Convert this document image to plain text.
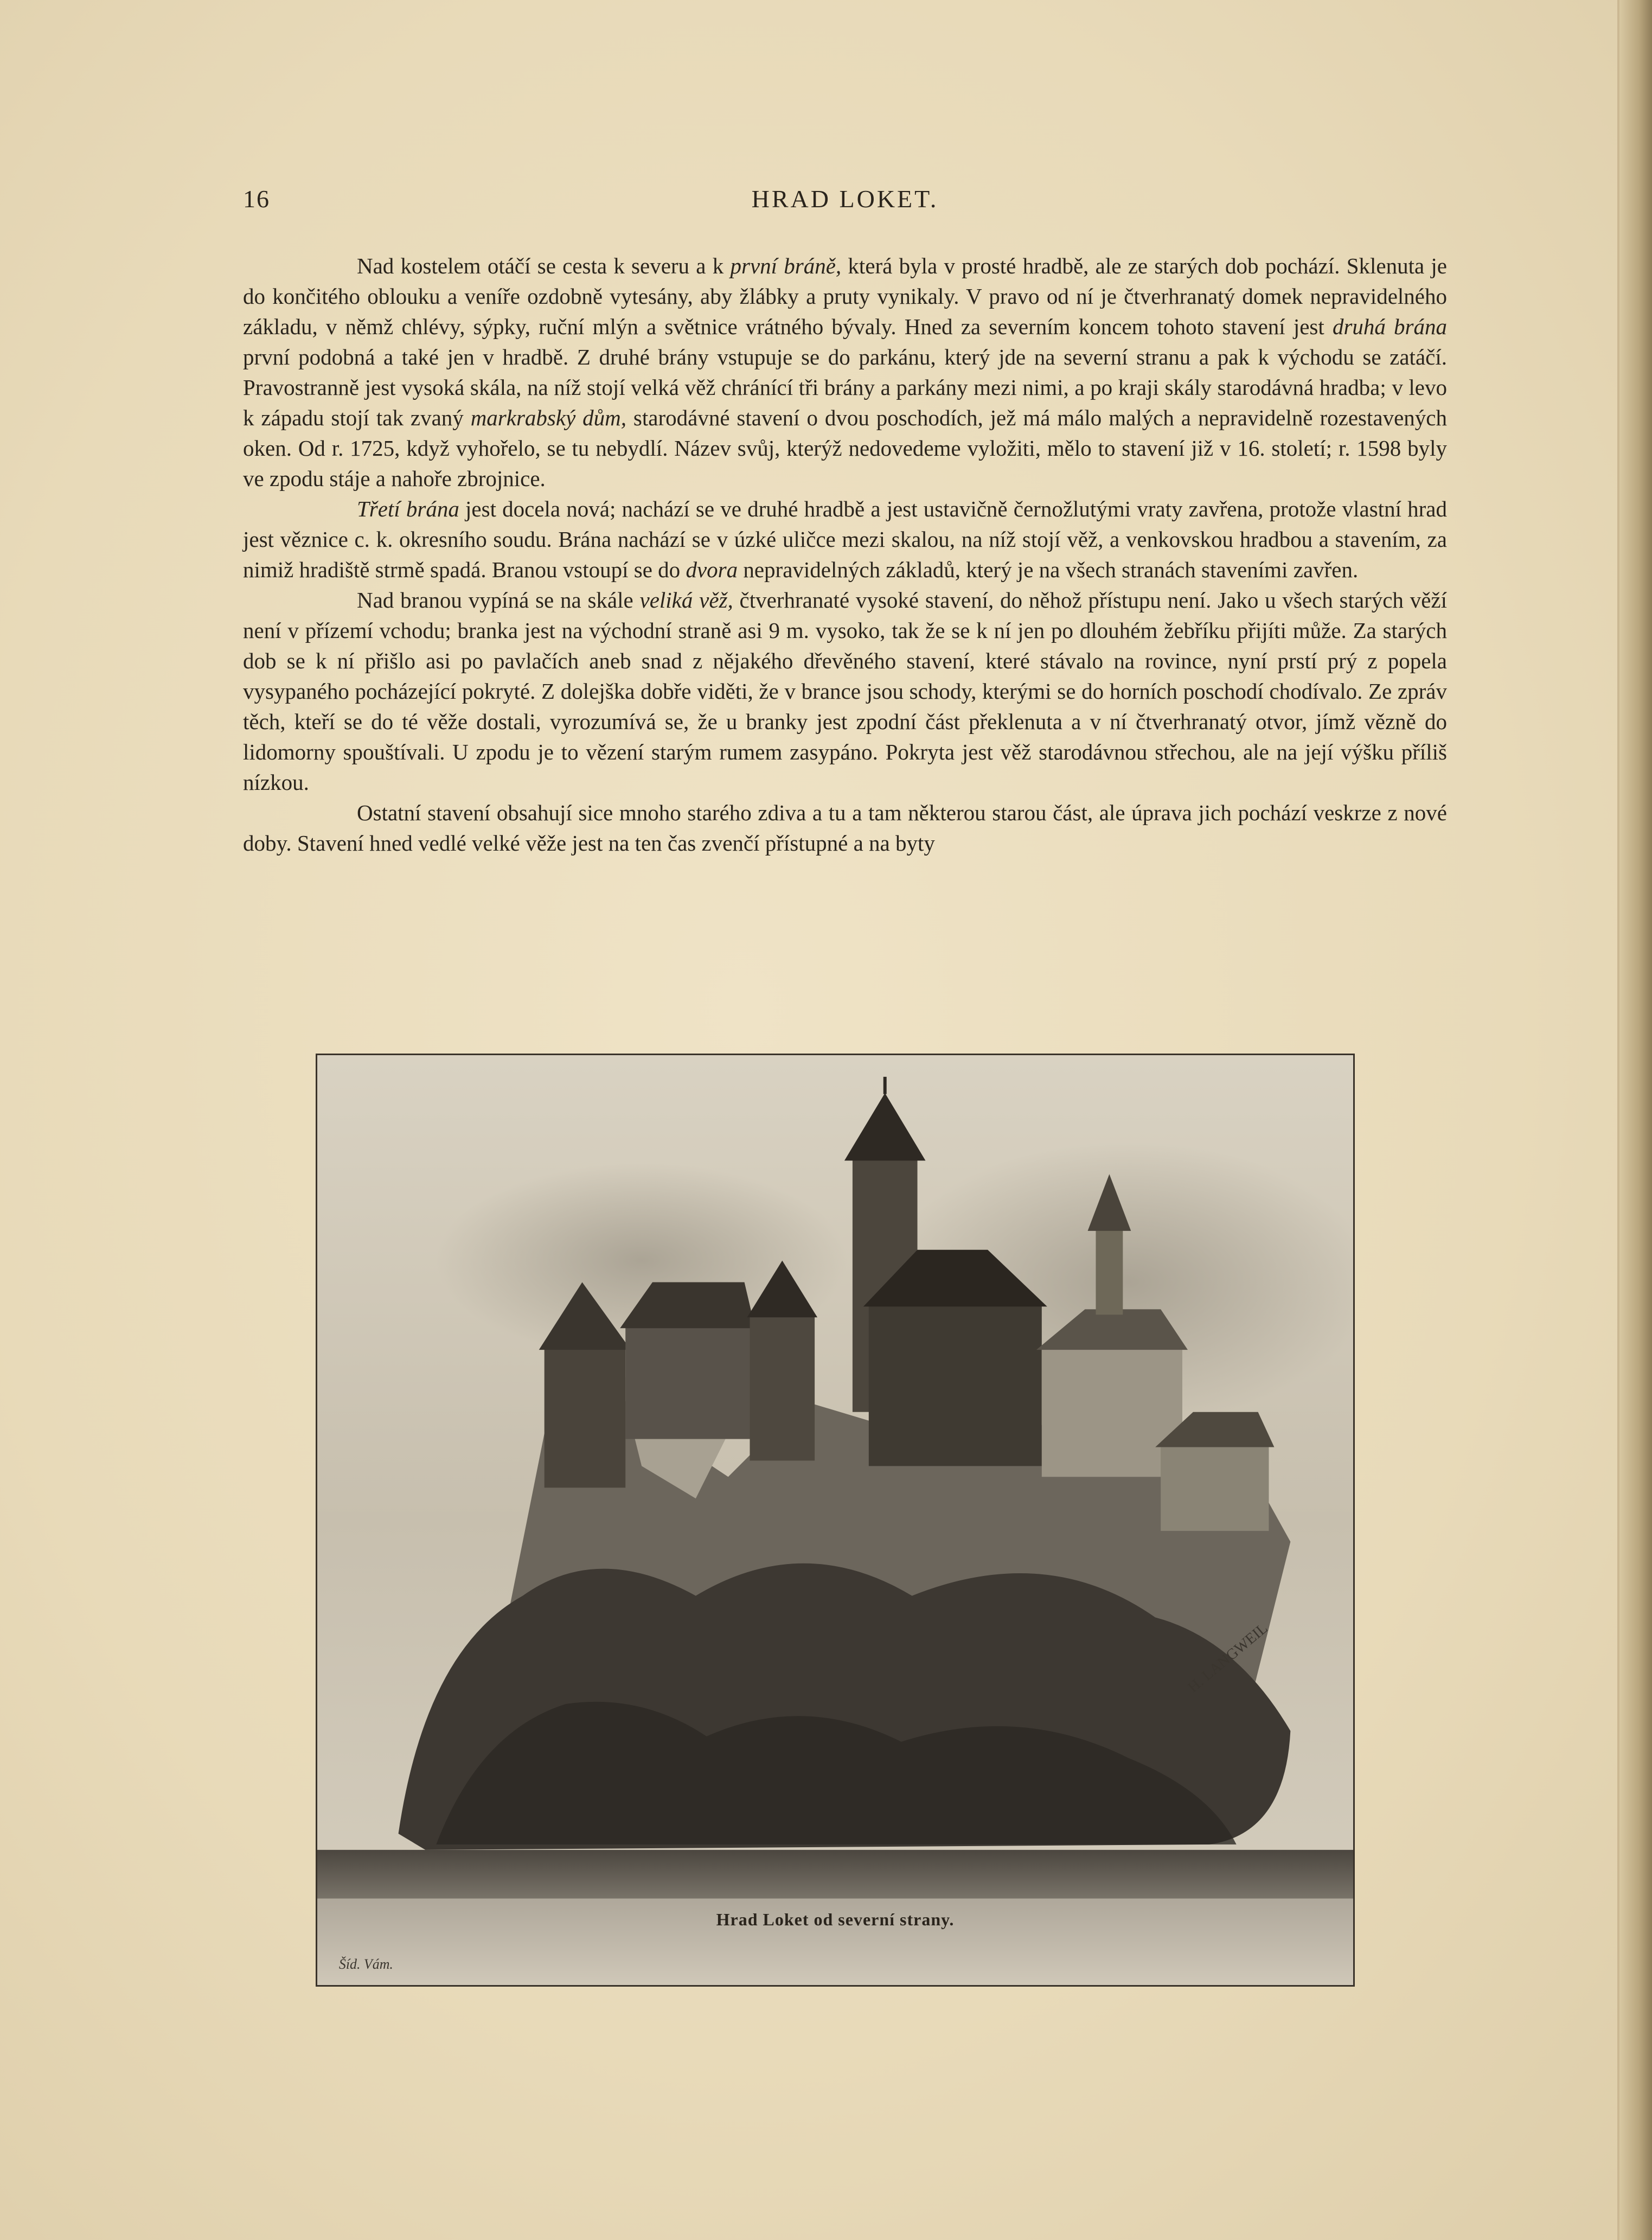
16	HRAD LOKET.

Nad kostelem otáčí se cesta k severu a k první bráně, která byla v prosté hradbě, ale ze starých dob pochází. Sklenuta je do končitého oblouku a veníře ozdobně vytesány, aby žlábky a pruty vynikaly. V pravo od ní je čtverhranatý domek nepravidelného základu, v němž chlévy, sýpky, ruční mlýn a světnice vrátného bývaly. Hned za severním koncem tohoto stavení jest druhá brána první podobná a také jen v hradbě. Z druhé brány vstupuje se do parkánu, který jde na severní stranu a pak k východu se zatáčí. Pravostranně jest vysoká skála, na níž stojí velká věž chránící tři brány a parkány mezi nimi, a po kraji skály starodávná hradba; v levo k západu stojí tak zvaný markrabský dům, starodávné stavení o dvou poschodích, jež má málo malých a nepravidelně rozestavených oken. Od r. 1725, když vyhořelo, se tu nebydlí. Název svůj, kterýž nedovedeme vyložiti, mělo to stavení již v 16. století; r. 1598 byly ve zpodu stáje a nahoře zbrojnice.

Třetí brána jest docela nová; nachází se ve druhé hradbě a jest ustavičně černožlutými vraty zavřena, protože vlastní hrad jest věznice c. k. okresního soudu. Brána nachází se v úzké uličce mezi skalou, na níž stojí věž, a venkovskou hradbou a stavením, za nimiž hradiště strmě spadá. Branou vstoupí se do dvora nepravidelných základů, který je na všech stranách staveními zavřen.

Nad branou vypíná se na skále veliká věž, čtverhranaté vysoké stavení, do něhož přístupu není. Jako u všech starých věží není v přízemí vchodu; branka jest na východní straně asi 9 m. vysoko, tak že se k ní jen po dlouhém žebříku přijíti může. Za starých dob se k ní přišlo asi po pavlačích aneb snad z nějakého dřevěného stavení, které stávalo na rovince, nyní prstí prý z popela vysypaného pocházející pokryté. Z dolejška dobře viděti, že v brance jsou schody, kterými se do horních poschodí chodívalo. Ze zpráv těch, kteří se do té věže dostali, vyrozumívá se, že u branky jest zpodní část překlenuta a v ní čtverhranatý otvor, jímž vězně do lidomorny spouštívali. U zpodu je to vězení starým rumem zasypáno. Pokryta jest věž starodávnou střechou, ale na její výšku příliš nízkou.

Ostatní stavení obsahují sice mnoho starého zdiva a tu a tam některou starou část, ale úprava jich pochází veskrze z nové doby. Stavení hned vedlé velké věže jest na ten čas zvenčí přístupné a na byty

Šíd. Vám.
H. LANGWEIL
Hrad Loket od severní strany.
